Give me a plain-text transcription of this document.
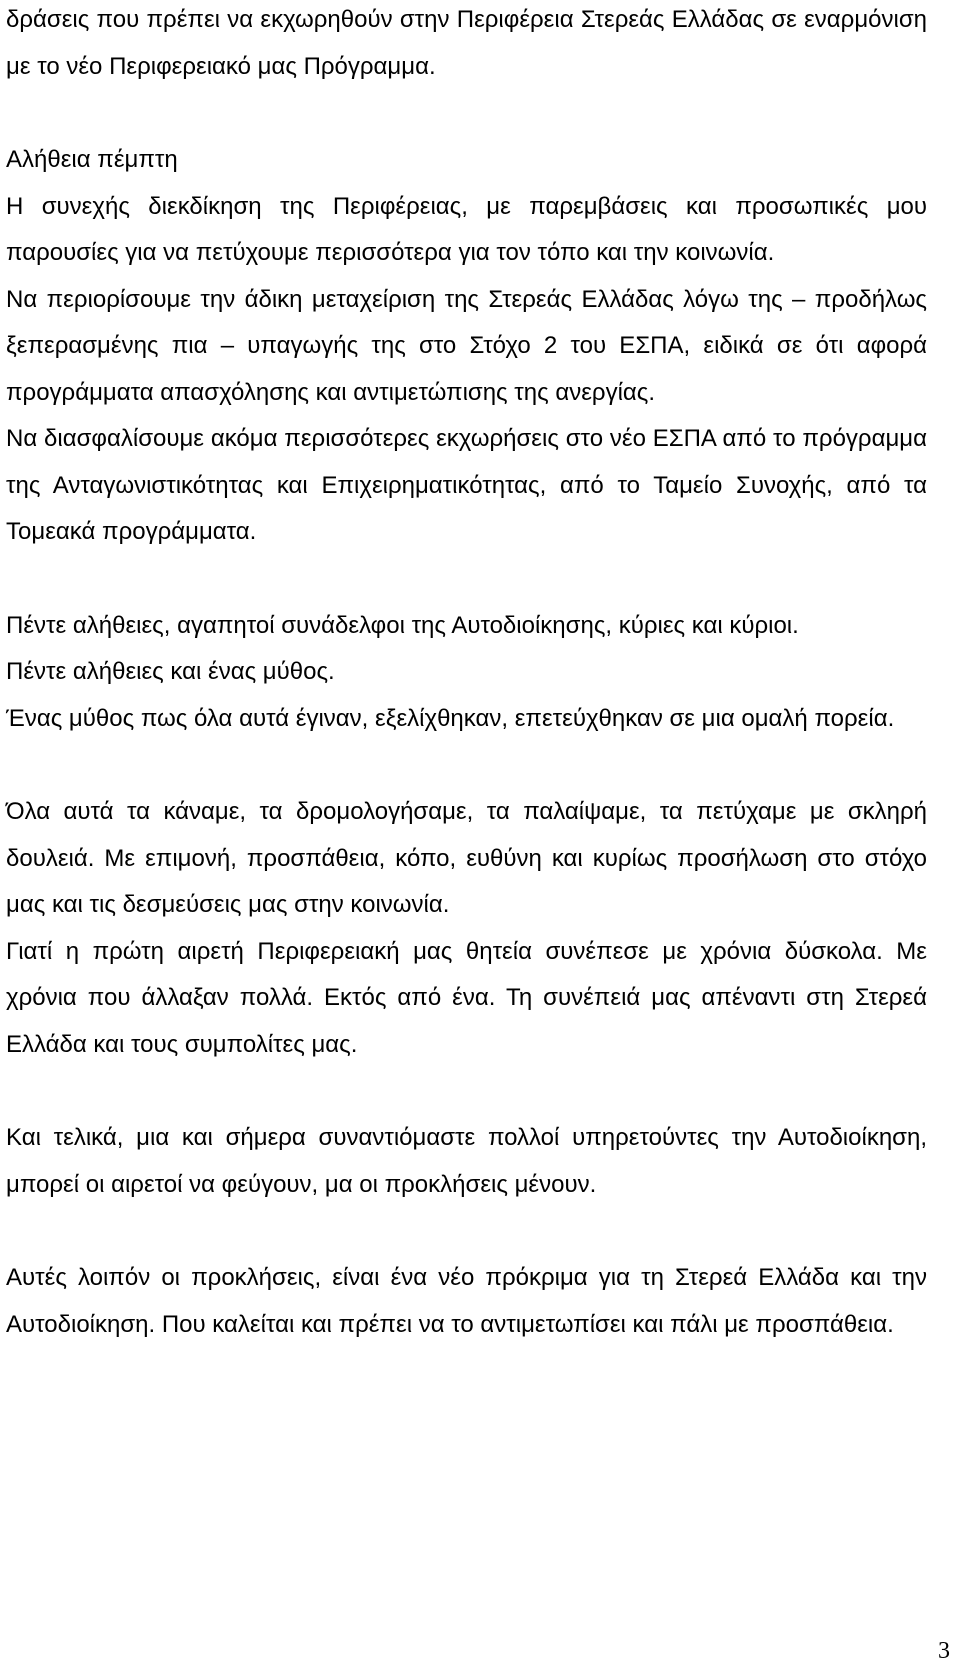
δράσεις που πρέπει να εκχωρηθούν στην Περιφέρεια Στερεάς Ελλάδας σε εναρμόνιση με το νέο Περιφερειακό μας Πρόγραμμα.

Αλήθεια πέμπτη

Η συνεχής διεκδίκηση της Περιφέρειας, με παρεμβάσεις και προσωπικές μου παρουσίες για να πετύχουμε περισσότερα για τον τόπο και την κοινωνία.

Να περιορίσουμε την άδικη μεταχείριση της Στερεάς Ελλάδας λόγω της – προδήλως ξεπερασμένης πια – υπαγωγής της στο Στόχο 2 του ΕΣΠΑ, ειδικά σε ότι αφορά προγράμματα απασχόλησης και αντιμετώπισης της ανεργίας.

Να διασφαλίσουμε ακόμα περισσότερες εκχωρήσεις στο νέο ΕΣΠΑ από το πρόγραμμα της Ανταγωνιστικότητας και Επιχειρηματικότητας, από το Ταμείο Συνοχής, από τα Τομεακά προγράμματα.

Πέντε αλήθειες, αγαπητοί συνάδελφοι της Αυτοδιοίκησης, κύριες και κύριοι.

Πέντε αλήθειες και ένας μύθος.

Ένας μύθος πως όλα αυτά έγιναν, εξελίχθηκαν, επετεύχθηκαν σε μια ομαλή πορεία.

Όλα αυτά τα κάναμε, τα δρομολογήσαμε, τα παλαίψαμε, τα πετύχαμε με σκληρή δουλειά. Με επιμονή, προσπάθεια, κόπο, ευθύνη και κυρίως προσήλωση στο στόχο μας και τις δεσμεύσεις μας στην κοινωνία.

Γιατί η πρώτη αιρετή Περιφερειακή μας θητεία συνέπεσε με χρόνια δύσκολα. Με χρόνια που άλλαξαν πολλά. Εκτός από ένα. Τη συνέπειά μας απέναντι στη Στερεά Ελλάδα και τους συμπολίτες μας.

Και τελικά, μια και σήμερα συναντιόμαστε πολλοί υπηρετούντες την Αυτοδιοίκηση, μπορεί οι αιρετοί να φεύγουν, μα οι προκλήσεις μένουν.

Αυτές λοιπόν οι προκλήσεις, είναι ένα νέο πρόκριμα για τη Στερεά Ελλάδα και την Αυτοδιοίκηση. Που καλείται και πρέπει να το αντιμετωπίσει και πάλι με προσπάθεια.

3
